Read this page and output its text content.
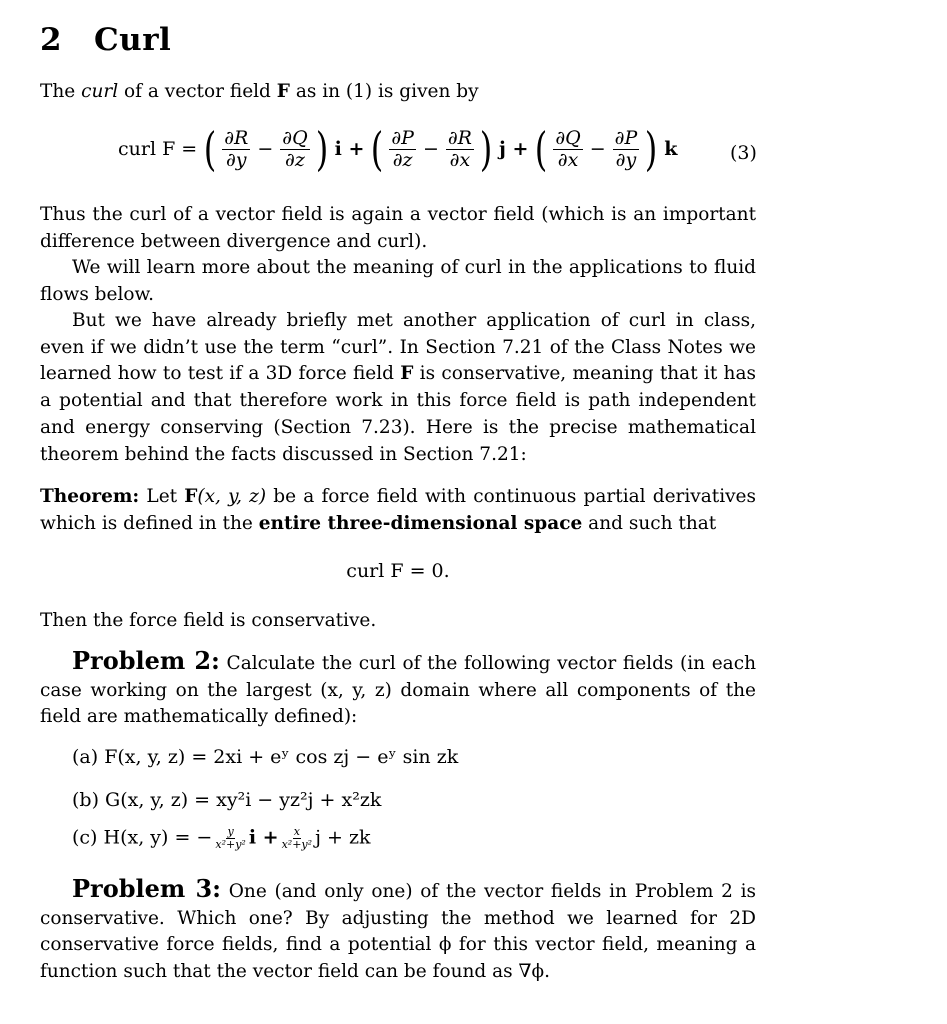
2 Curl

The curl of a vector field F as in (1) is given by

curl F = ( $\frac{\partial R}{\partial y} - \frac{\partial Q}{\partial z}$ ) i + ( $\frac{\partial P}{\partial z} - \frac{\partial R}{\partial x}$ ) j + ( $\frac{\partial Q}{\partial x} - \frac{\partial P}{\partial y}$ ) k	(3)

Thus the curl of a vector field is again a vector field (which is an important difference between divergence and curl).

We will learn more about the meaning of curl in the applications to fluid flows below.

But we have already briefly met another application of curl in class, even if we didn’t use the term “curl”. In Section 7.21 of the Class Notes we learned how to test if a 3D force field F is conservative, meaning that it has a potential and that therefore work in this force field is path independent and energy conserving (Section 7.23). Here is the precise mathematical theorem behind the facts discussed in Section 7.21:

Theorem: Let F(x, y, z) be a force field with continuous partial derivatives which is defined in the entire three-dimensional space and such that

curl F = 0.

Then the force field is conservative.

Problem 2: Calculate the curl of the following vector fields (in each case working on the largest (x, y, z) domain where all components of the field are mathematically defined):

(a) F(x, y, z) = 2xi + eʸ cos zj − eʸ sin zk
(b) G(x, y, z) = xy²i − yz²j + x²zk
(c) H(x, y) = − $\frac{y}{\text{x²+y²}}$ $i + \frac{x}{\text{x²+y²}}$ j + zk

Problem 3: One (and only one) of the vector fields in Problem 2 is conservative. Which one? By adjusting the method we learned for 2D conservative force fields, find a potential ϕ for this vector field, meaning a function such that the vector field can be found as ∇ϕ.
